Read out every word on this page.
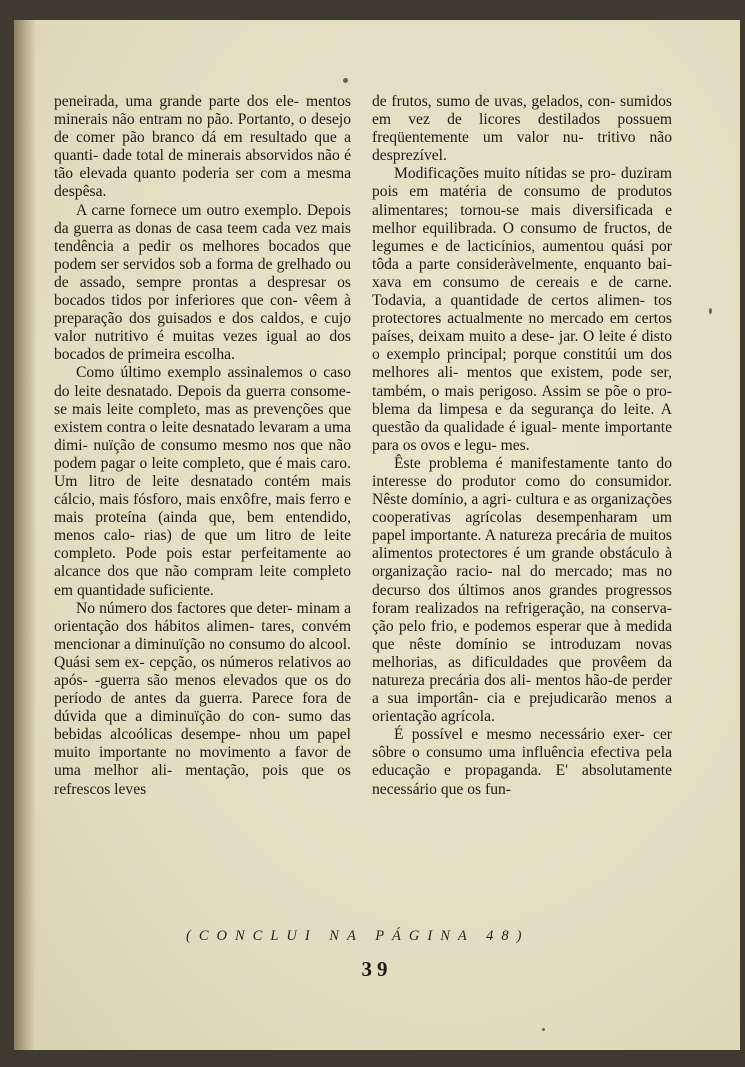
peneirada, uma grande parte dos ele- mentos minerais não entram no pão. Portanto, o desejo de comer pão branco dá em resultado que a quanti- dade total de minerais absorvidos não é tão elevada quanto poderia ser com a mesma despêsa.

A carne fornece um outro exemplo. Depois da guerra as donas de casa teem cada vez mais tendência a pedir os melhores bocados que podem ser servidos sob a forma de grelhado ou de assado, sempre prontas a despresar os bocados tidos por inferiores que con- vêem à preparação dos guisados e dos caldos, e cujo valor nutritivo é muitas vezes igual ao dos bocados de primeira escolha.

Como último exemplo assinalemos o caso do leite desnatado. Depois da guerra consome-se mais leite completo, mas as prevenções que existem contra o leite desnatado levaram a uma dimi- nuïção de consumo mesmo nos que não podem pagar o leite completo, que é mais caro. Um litro de leite desnatado contém mais cálcio, mais fósforo, mais enxôfre, mais ferro e mais proteína (ainda que, bem entendido, menos calo- rias) de que um litro de leite completo. Pode pois estar perfeitamente ao alcance dos que não compram leite completo em quantidade suficiente.

No número dos factores que deter- minam a orientação dos hábitos alimen- tares, convém mencionar a diminuïção no consumo do alcool. Quási sem ex- cepção, os números relativos ao após- -guerra são menos elevados que os do período de antes da guerra. Parece fora de dúvida que a diminuïção do con- sumo das bebidas alcoólicas desempe- nhou um papel muito importante no movimento a favor de uma melhor ali- mentação, pois que os refrescos leves

de frutos, sumo de uvas, gelados, con- sumidos em vez de licores destilados possuem freqüentemente um valor nu- tritivo não desprezível.

Modificações muito nítidas se pro- duziram pois em matéria de consumo de produtos alimentares; tornou-se mais diversificada e melhor equilibrada. O consumo de fructos, de legumes e de lacticínios, aumentou quási por tôda a parte consideràvelmente, enquanto bai- xava em consumo de cereais e de carne. Todavia, a quantidade de certos alimen- tos protectores actualmente no mercado em certos países, deixam muito a dese- jar. O leite é disto o exemplo principal; porque constitúi um dos melhores ali- mentos que existem, pode ser, também, o mais perigoso. Assim se põe o pro- blema da limpesa e da segurança do leite. A questão da qualidade é igual- mente importante para os ovos e legu- mes.

Êste problema é manifestamente tanto do interesse do produtor como do consumidor. Nêste domínio, a agri- cultura e as organizações cooperativas agrícolas desempenharam um papel importante. A natureza precária de muitos alimentos protectores é um grande obstáculo à organização racio- nal do mercado; mas no decurso dos últimos anos grandes progressos foram realizados na refrigeração, na conserva- ção pelo frio, e podemos esperar que à medida que nêste domínio se introduzam novas melhorias, as dificuldades que provêem da natureza precária dos ali- mentos hão-de perder a sua importân- cia e prejudicarão menos a orientação agrícola.

É possível e mesmo necessário exer- cer sôbre o consumo uma influência efectiva pela educação e propaganda. E' absolutamente necessário que os fun-

(CONCLUI NA PÁGINA 48)
39
